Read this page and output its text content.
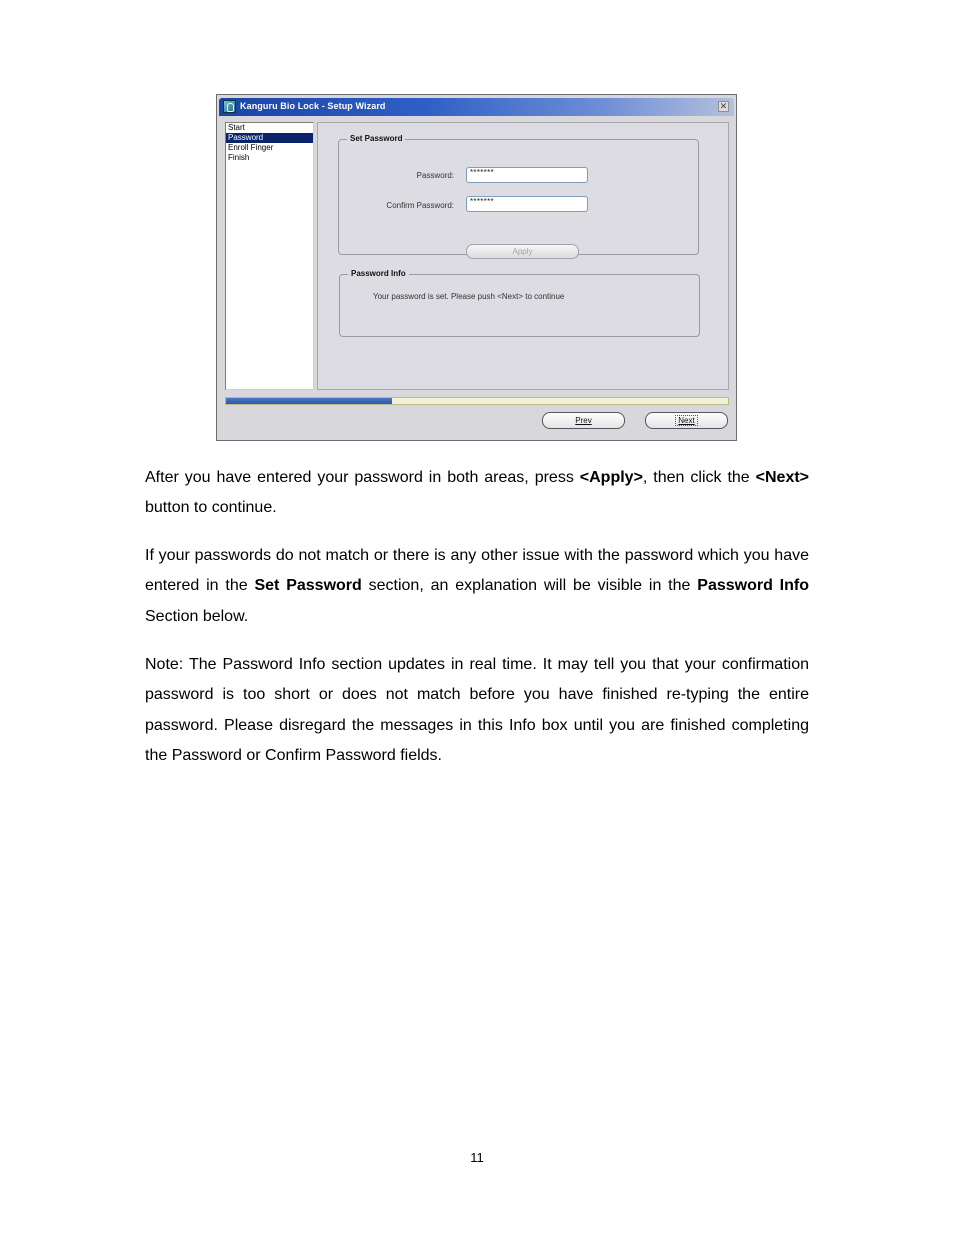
Kanguru Bio Lock - Setup Wizard	✕
Start
Password
Enroll Finger
Finish
Set Password
Password:	*******
Confirm Password:	*******
Apply
Password Info
Your password is set. Please push <Next> to continue
Prev	Next

After you have entered your password in both areas, press <Apply>, then click the <Next> button to continue.

If your passwords do not match or there is any other issue with the password which you have entered in the Set Password section, an explanation will be visible in the Password Info Section below.

Note: The Password Info section updates in real time. It may tell you that your confirmation password is too short or does not match before you have finished re-typing the entire password. Please disregard the messages in this Info box until you are finished completing the Password or Confirm Password fields.

11
